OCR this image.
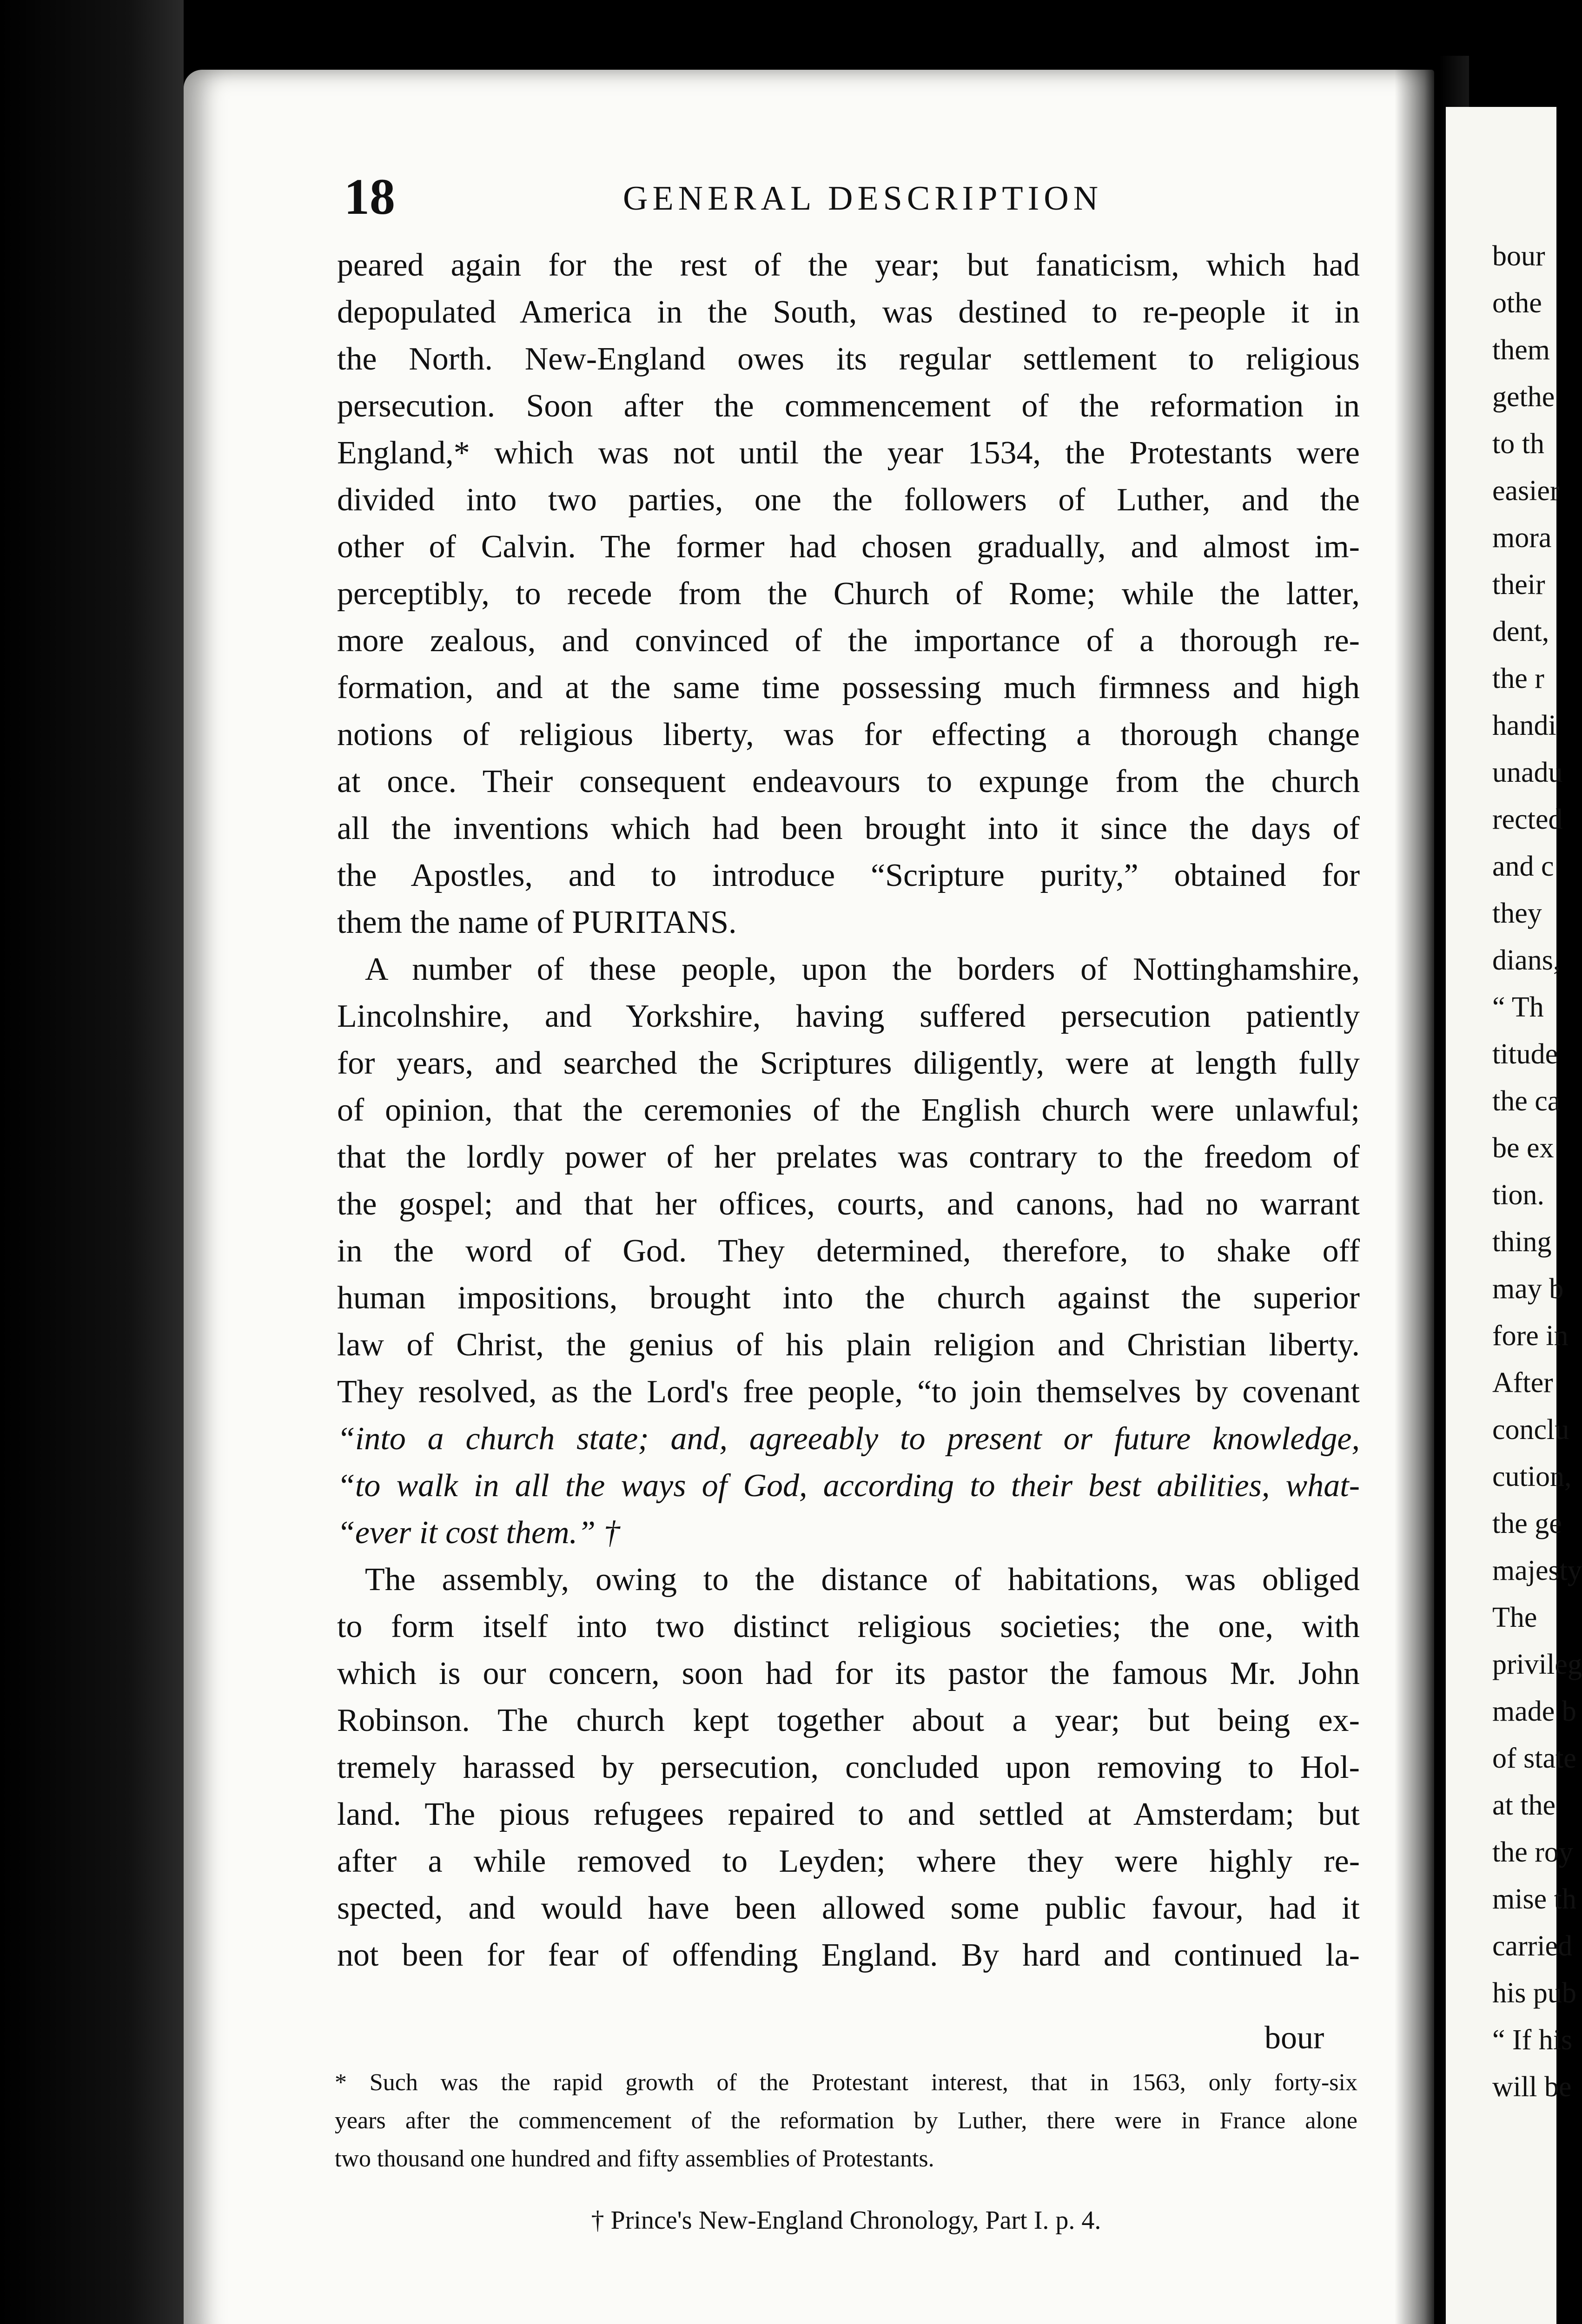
18	GENERAL DESCRIPTION
peared again for the rest of the year; but fanaticism, which had
depopulated America in the South, was destined to re-people it in
the North. New-England owes its regular settlement to religious
persecution. Soon after the commencement of the reformation in
England,* which was not until the year 1534, the Protestants were
divided into two parties, one the followers of Luther, and the
other of Calvin. The former had chosen gradually, and almost im-
perceptibly, to recede from the Church of Rome; while the latter,
more zealous, and convinced of the importance of a thorough re-
formation, and at the same time possessing much firmness and high
notions of religious liberty, was for effecting a thorough change
at once. Their consequent endeavours to expunge from the church
all the inventions which had been brought into it since the days of
the Apostles, and to introduce “Scripture purity,” obtained for
them the name of PURITANS.
A number of these people, upon the borders of Nottinghamshire,
Lincolnshire, and Yorkshire, having suffered persecution patiently
for years, and searched the Scriptures diligently, were at length fully
of opinion, that the ceremonies of the English church were unlawful;
that the lordly power of her prelates was contrary to the freedom of
the gospel; and that her offices, courts, and canons, had no warrant
in the word of God. They determined, therefore, to shake off
human impositions, brought into the church against the superior
law of Christ, the genius of his plain religion and Christian liberty.
They resolved, as the Lord's free people, “to join themselves by covenant
“into a church state; and, agreeably to present or future knowledge,
“to walk in all the ways of God, according to their best abilities, what-
“ever it cost them.” †
The assembly, owing to the distance of habitations, was obliged
to form itself into two distinct religious societies; the one, with
which is our concern, soon had for its pastor the famous Mr. John
Robinson. The church kept together about a year; but being ex-
tremely harassed by persecution, concluded upon removing to Hol-
land. The pious refugees repaired to and settled at Amsterdam; but
after a while removed to Leyden; where they were highly re-
spected, and would have been allowed some public favour, had it
not been for fear of offending England. By hard and continued la-
bour
* Such was the rapid growth of the Protestant interest, that in 1563, only forty-six
years after the commencement of the reformation by Luther, there were in France alone
two thousand one hundred and fifty assemblies of Protestants.
† Prince's New-England Chronology, Part I. p. 4.
bour
othe
them
gethe
to th
easier
mora
their
dent,
the r
handi
unadu
rected
and c
they
dians,
“ Th
titude
the ca
be ex
tion.
thing
may b
fore in
After
conclu
cution,
the ge
majesty
The
privileg
made b
of state
at the
the roy
mise th
carried
his pub
“ If his
will be
